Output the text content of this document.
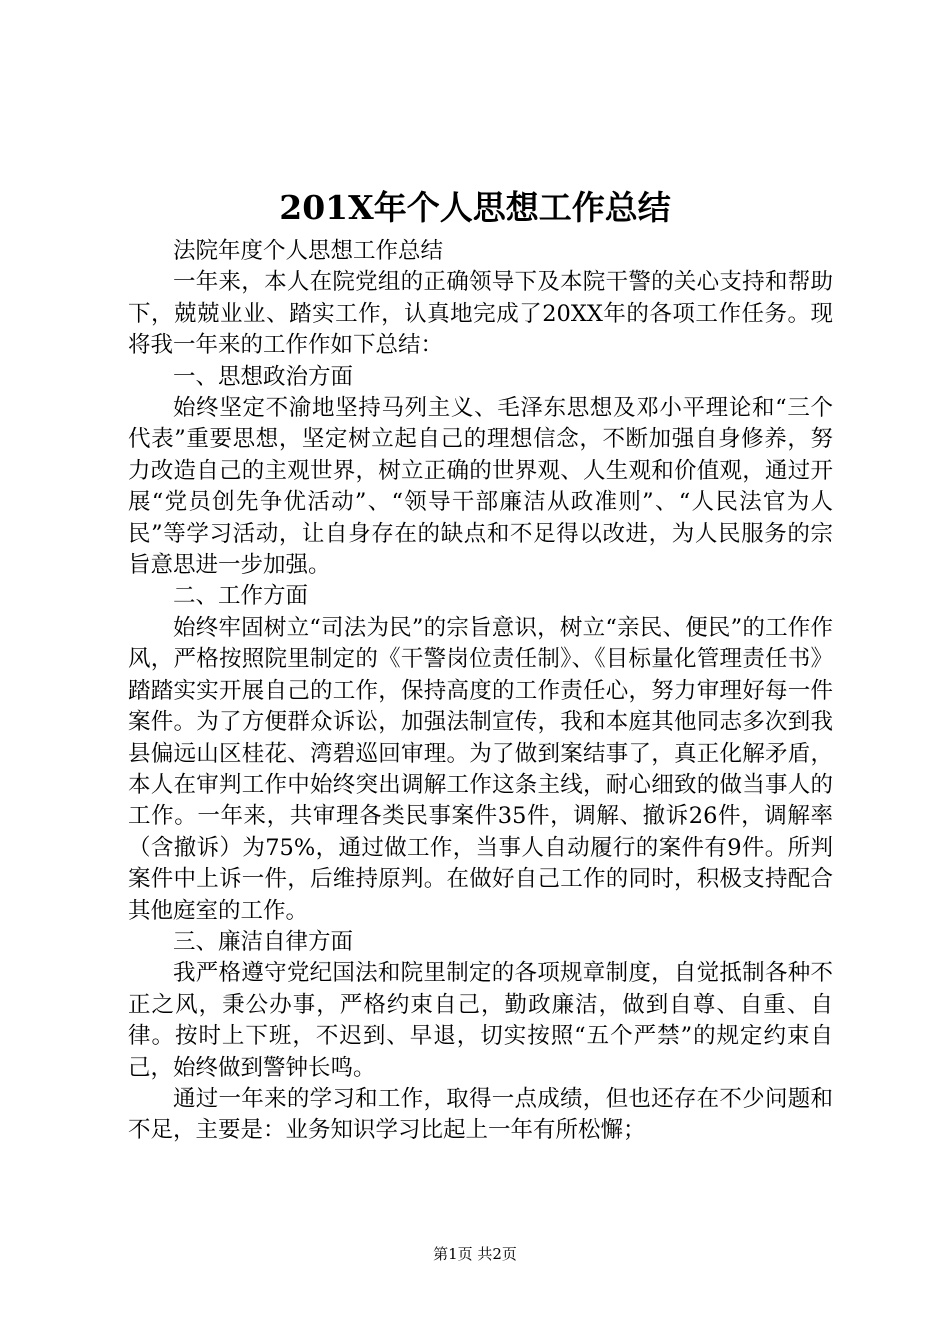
201X年个人思想工作总结

法院年度个人思想工作总结

一年来，本人在院党组的正确领导下及本院干警的关心支持和帮助下，兢兢业业、踏实工作，认真地完成了20XX年的各项工作任务。现将我一年来的工作作如下总结：

一、思想政治方面

始终坚定不渝地坚持马列主义、毛泽东思想及邓小平理论和“三个代表”重要思想，坚定树立起自己的理想信念，不断加强自身修养，努力改造自己的主观世界，树立正确的世界观、人生观和价值观，通过开展“党员创先争优活动”、“领导干部廉洁从政准则”、“人民法官为人民”等学习活动，让自身存在的缺点和不足得以改进，为人民服务的宗旨意思进一步加强。

二、工作方面

始终牢固树立“司法为民”的宗旨意识，树立“亲民、便民”的工作作风，严格按照院里制定的《干警岗位责任制》、《目标量化管理责任书》踏踏实实开展自己的工作，保持高度的工作责任心，努力审理好每一件案件。为了方便群众诉讼，加强法制宣传，我和本庭其他同志多次到我县偏远山区桂花、湾碧巡回审理。为了做到案结事了，真正化解矛盾，本人在审判工作中始终突出调解工作这条主线，耐心细致的做当事人的工作。一年来，共审理各类民事案件35件，调解、撤诉26件，调解率（含撤诉）为75%，通过做工作，当事人自动履行的案件有9件。所判案件中上诉一件，后维持原判。在做好自己工作的同时，积极支持配合其他庭室的工作。

三、廉洁自律方面

我严格遵守党纪国法和院里制定的各项规章制度，自觉抵制各种不正之风，秉公办事，严格约束自己，勤政廉洁，做到自尊、自重、自律。按时上下班，不迟到、早退，切实按照“五个严禁”的规定约束自己，始终做到警钟长鸣。

通过一年来的学习和工作，取得一点成绩，但也还存在不少问题和不足，主要是：业务知识学习比起上一年有所松懈；

第1页 共2页
